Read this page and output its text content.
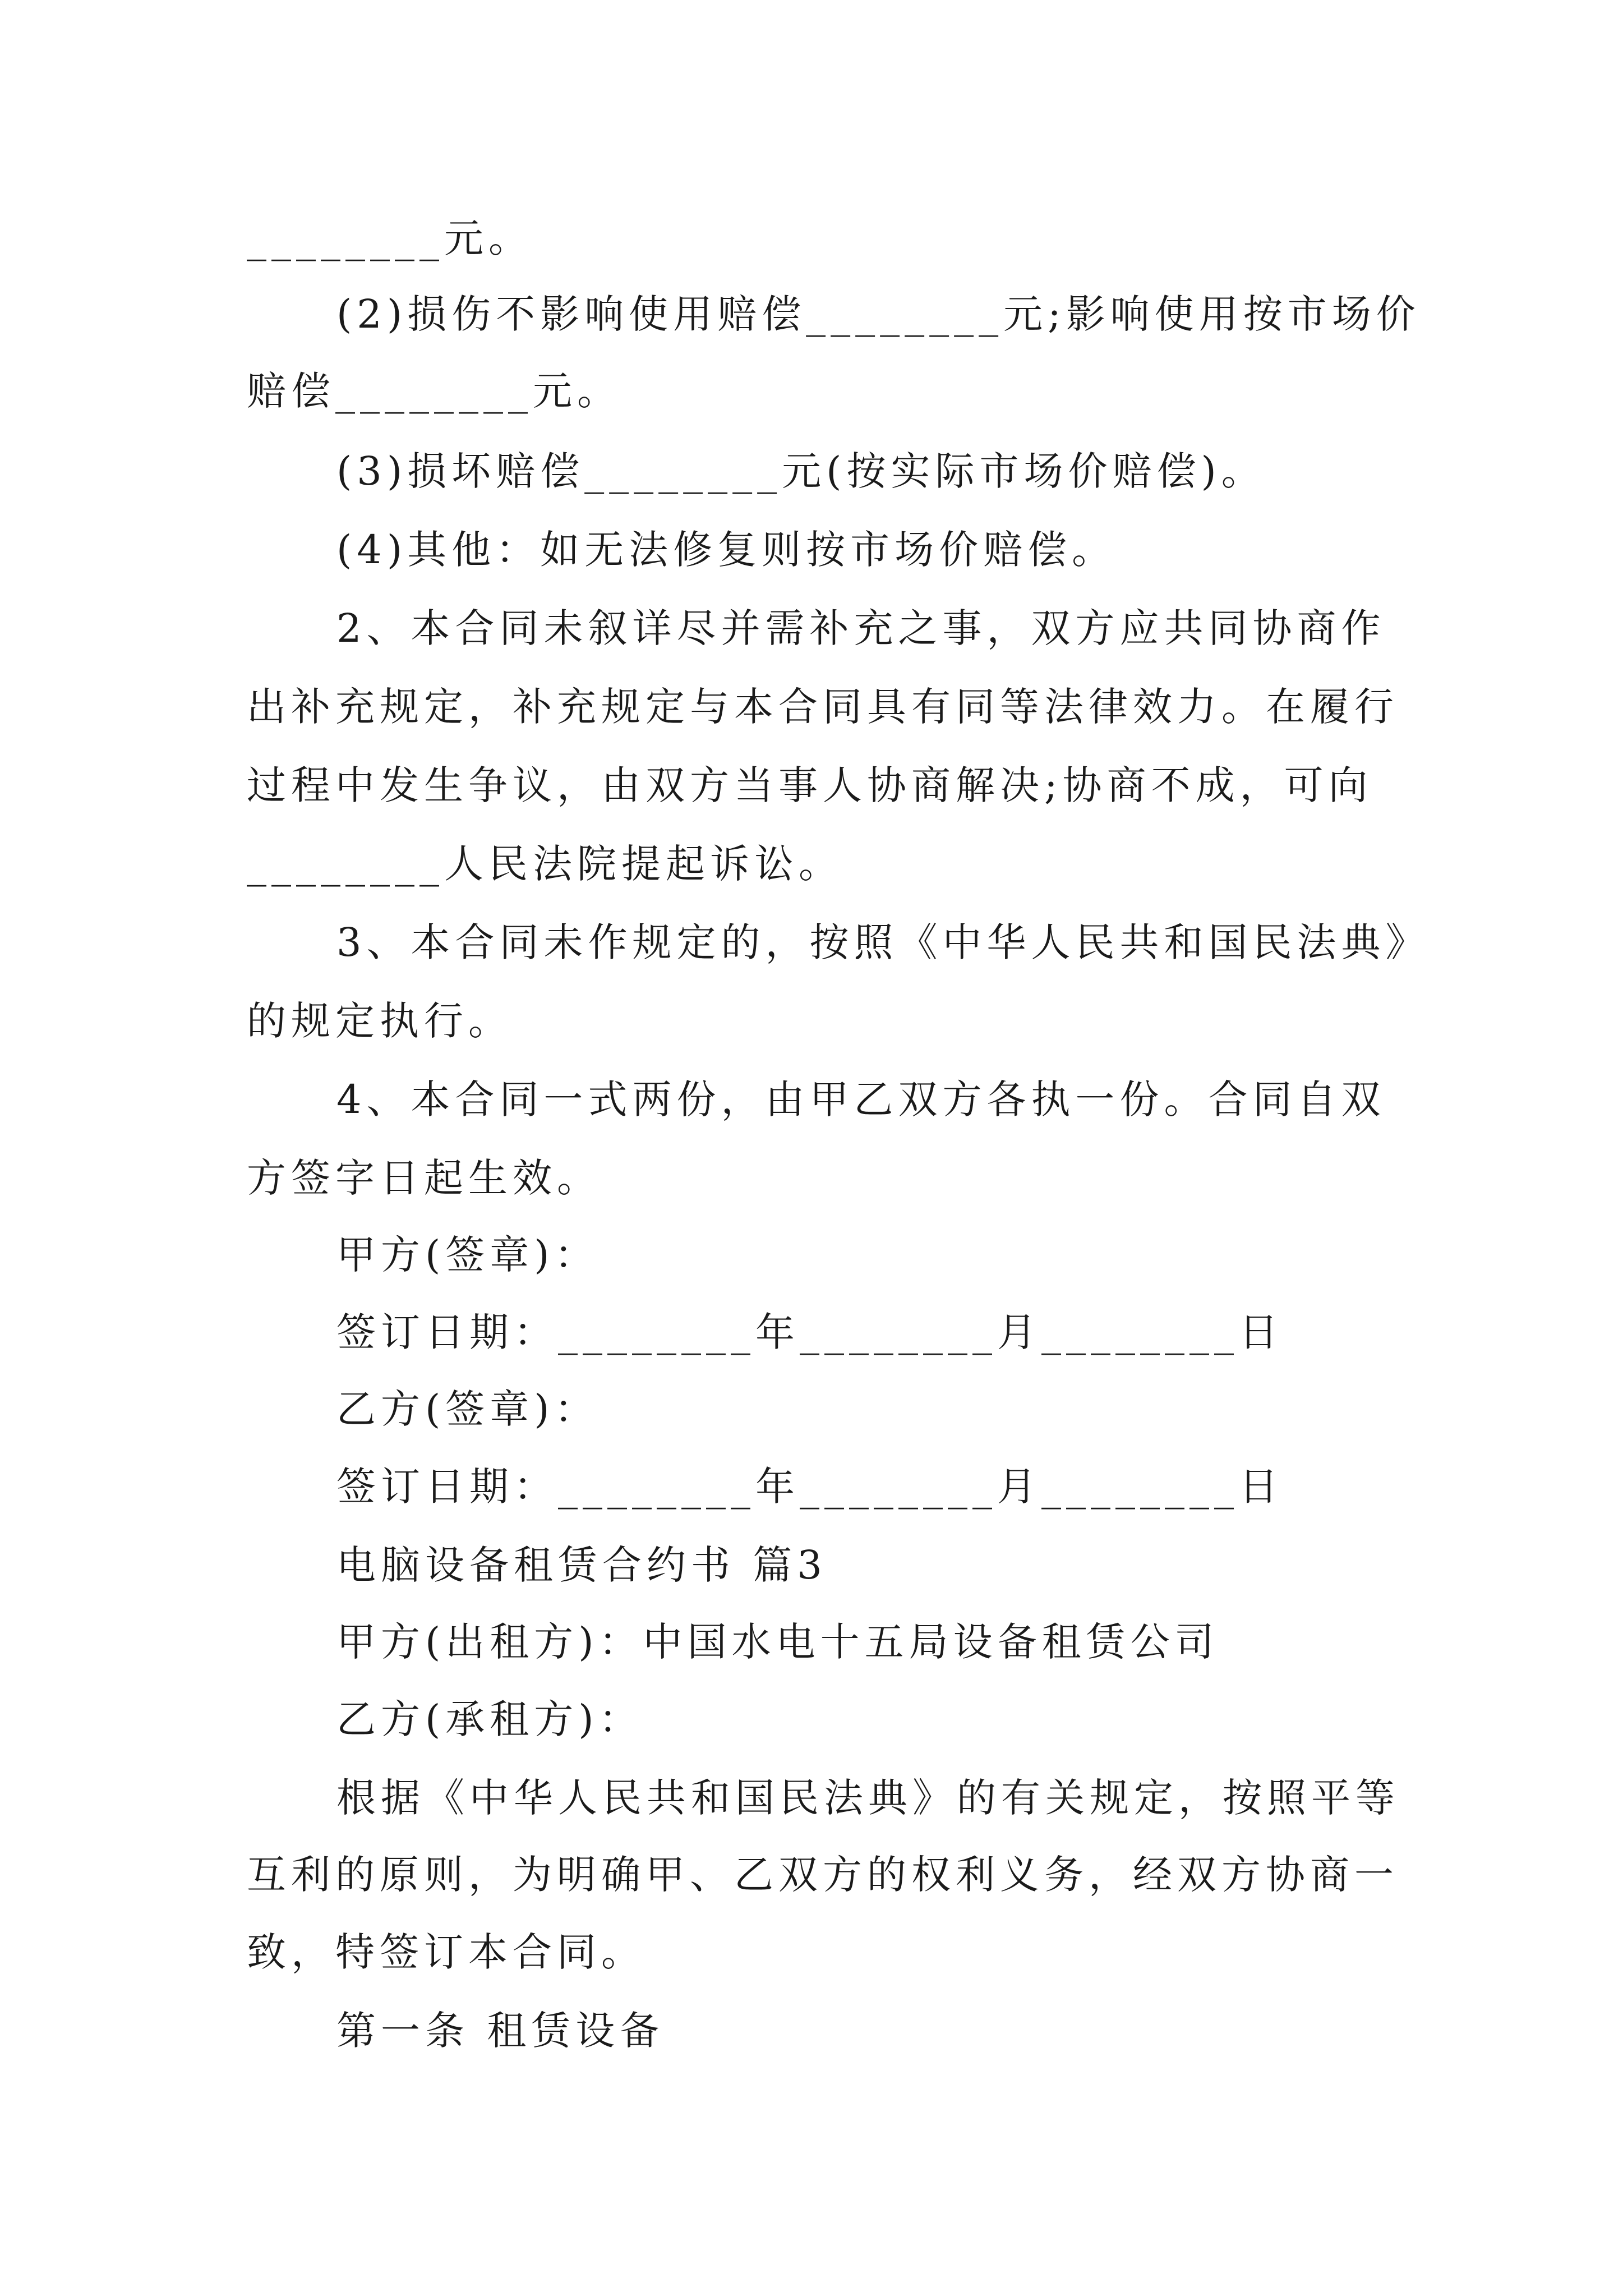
________元。
(2)损伤不影响使用赔偿________元;影响使用按市场价
赔偿________元。
(3)损坏赔偿________元(按实际市场价赔偿)。
(4)其他：如无法修复则按市场价赔偿。
2、本合同未叙详尽并需补充之事，双方应共同协商作
出补充规定，补充规定与本合同具有同等法律效力。在履行
过程中发生争议，由双方当事人协商解决;协商不成，可向
________人民法院提起诉讼。
3、本合同未作规定的，按照《中华人民共和国民法典》
的规定执行。
4、本合同一式两份，由甲乙双方各执一份。合同自双
方签字日起生效。
甲方(签章)：
签订日期：________年________月________日
乙方(签章)：
签订日期：________年________月________日
电脑设备租赁合约书 篇3
甲方(出租方)：中国水电十五局设备租赁公司
乙方(承租方)：
根据《中华人民共和国民法典》的有关规定，按照平等
互利的原则，为明确甲、乙双方的权利义务，经双方协商一
致，特签订本合同。
第一条 租赁设备
